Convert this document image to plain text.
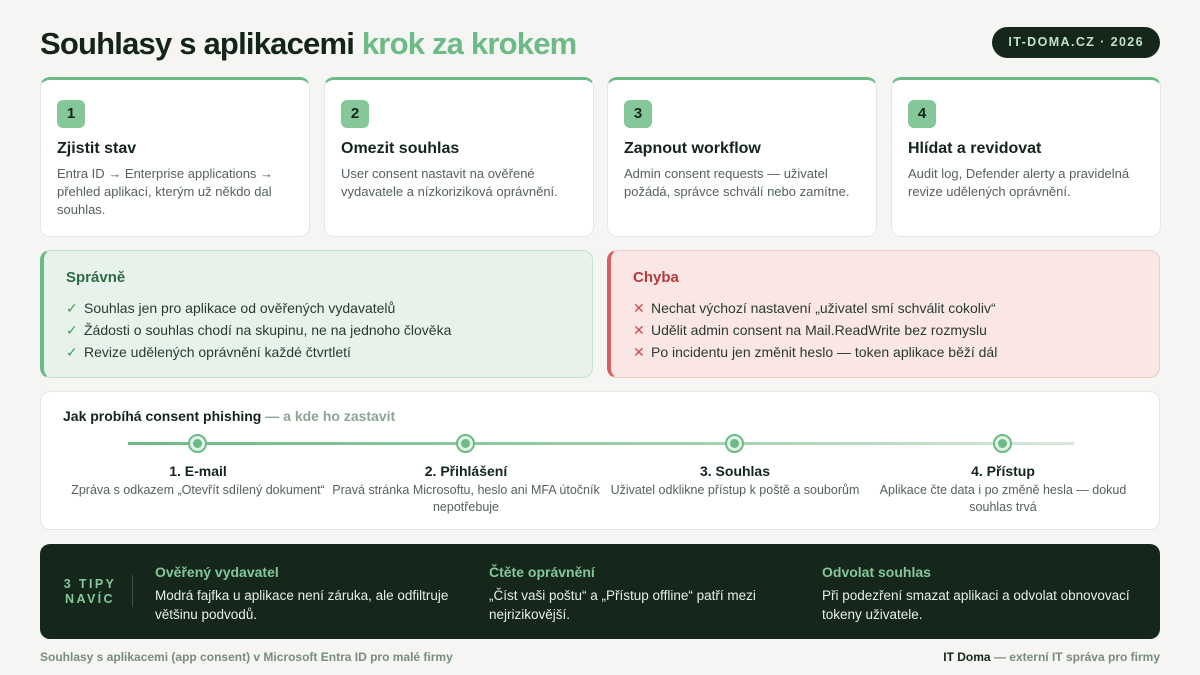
Souhlasy s aplikacemi krok za krokem	IT-DOMA.CZ · 2026
1
Zjistit stav
Entra ID → Enterprise applications → přehled aplikací, kterým už někdo dal souhlas.
2
Omezit souhlas
User consent nastavit na ověřené vydavatele a nízkoriziková oprávnění.
3
Zapnout workflow
Admin consent requests — uživatel požádá, správce schválí nebo zamítne.
4
Hlídat a revidovat
Audit log, Defender alerty a pravidelná revize udělených oprávnění.
Správně
✓ Souhlas jen pro aplikace od ověřených vydavatelů
✓ Žádosti o souhlas chodí na skupinu, ne na jednoho člověka
✓ Revize udělených oprávnění každé čtvrtletí
Chyba
✕ Nechat výchozí nastavení „uživatel smí schválit cokoliv“
✕ Udělit admin consent na Mail.ReadWrite bez rozmyslu
✕ Po incidentu jen změnit heslo — token aplikace běží dál
Jak probíhá consent phishing — a kde ho zastavit
1. E-mail
Zpráva s odkazem „Otevřít sdílený dokument“
2. Přihlášení
Pravá stránka Microsoftu, heslo ani MFA útočník nepotřebuje
3. Souhlas
Uživatel odklikne přístup k poště a souborům
4. Přístup
Aplikace čte data i po změně hesla — dokud souhlas trvá
3 TIPY NAVÍC
Ověřený vydavatel
Modrá fajfka u aplikace není záruka, ale odfiltruje většinu podvodů.
Čtěte oprávnění
„Číst vaši poštu“ a „Přístup offline“ patří mezi nejrizikovější.
Odvolat souhlas
Při podezření smazat aplikaci a odvolat obnovovací tokeny uživatele.
Souhlasy s aplikacemi (app consent) v Microsoft Entra ID pro malé firmy	IT Doma — externí IT správa pro firmy
